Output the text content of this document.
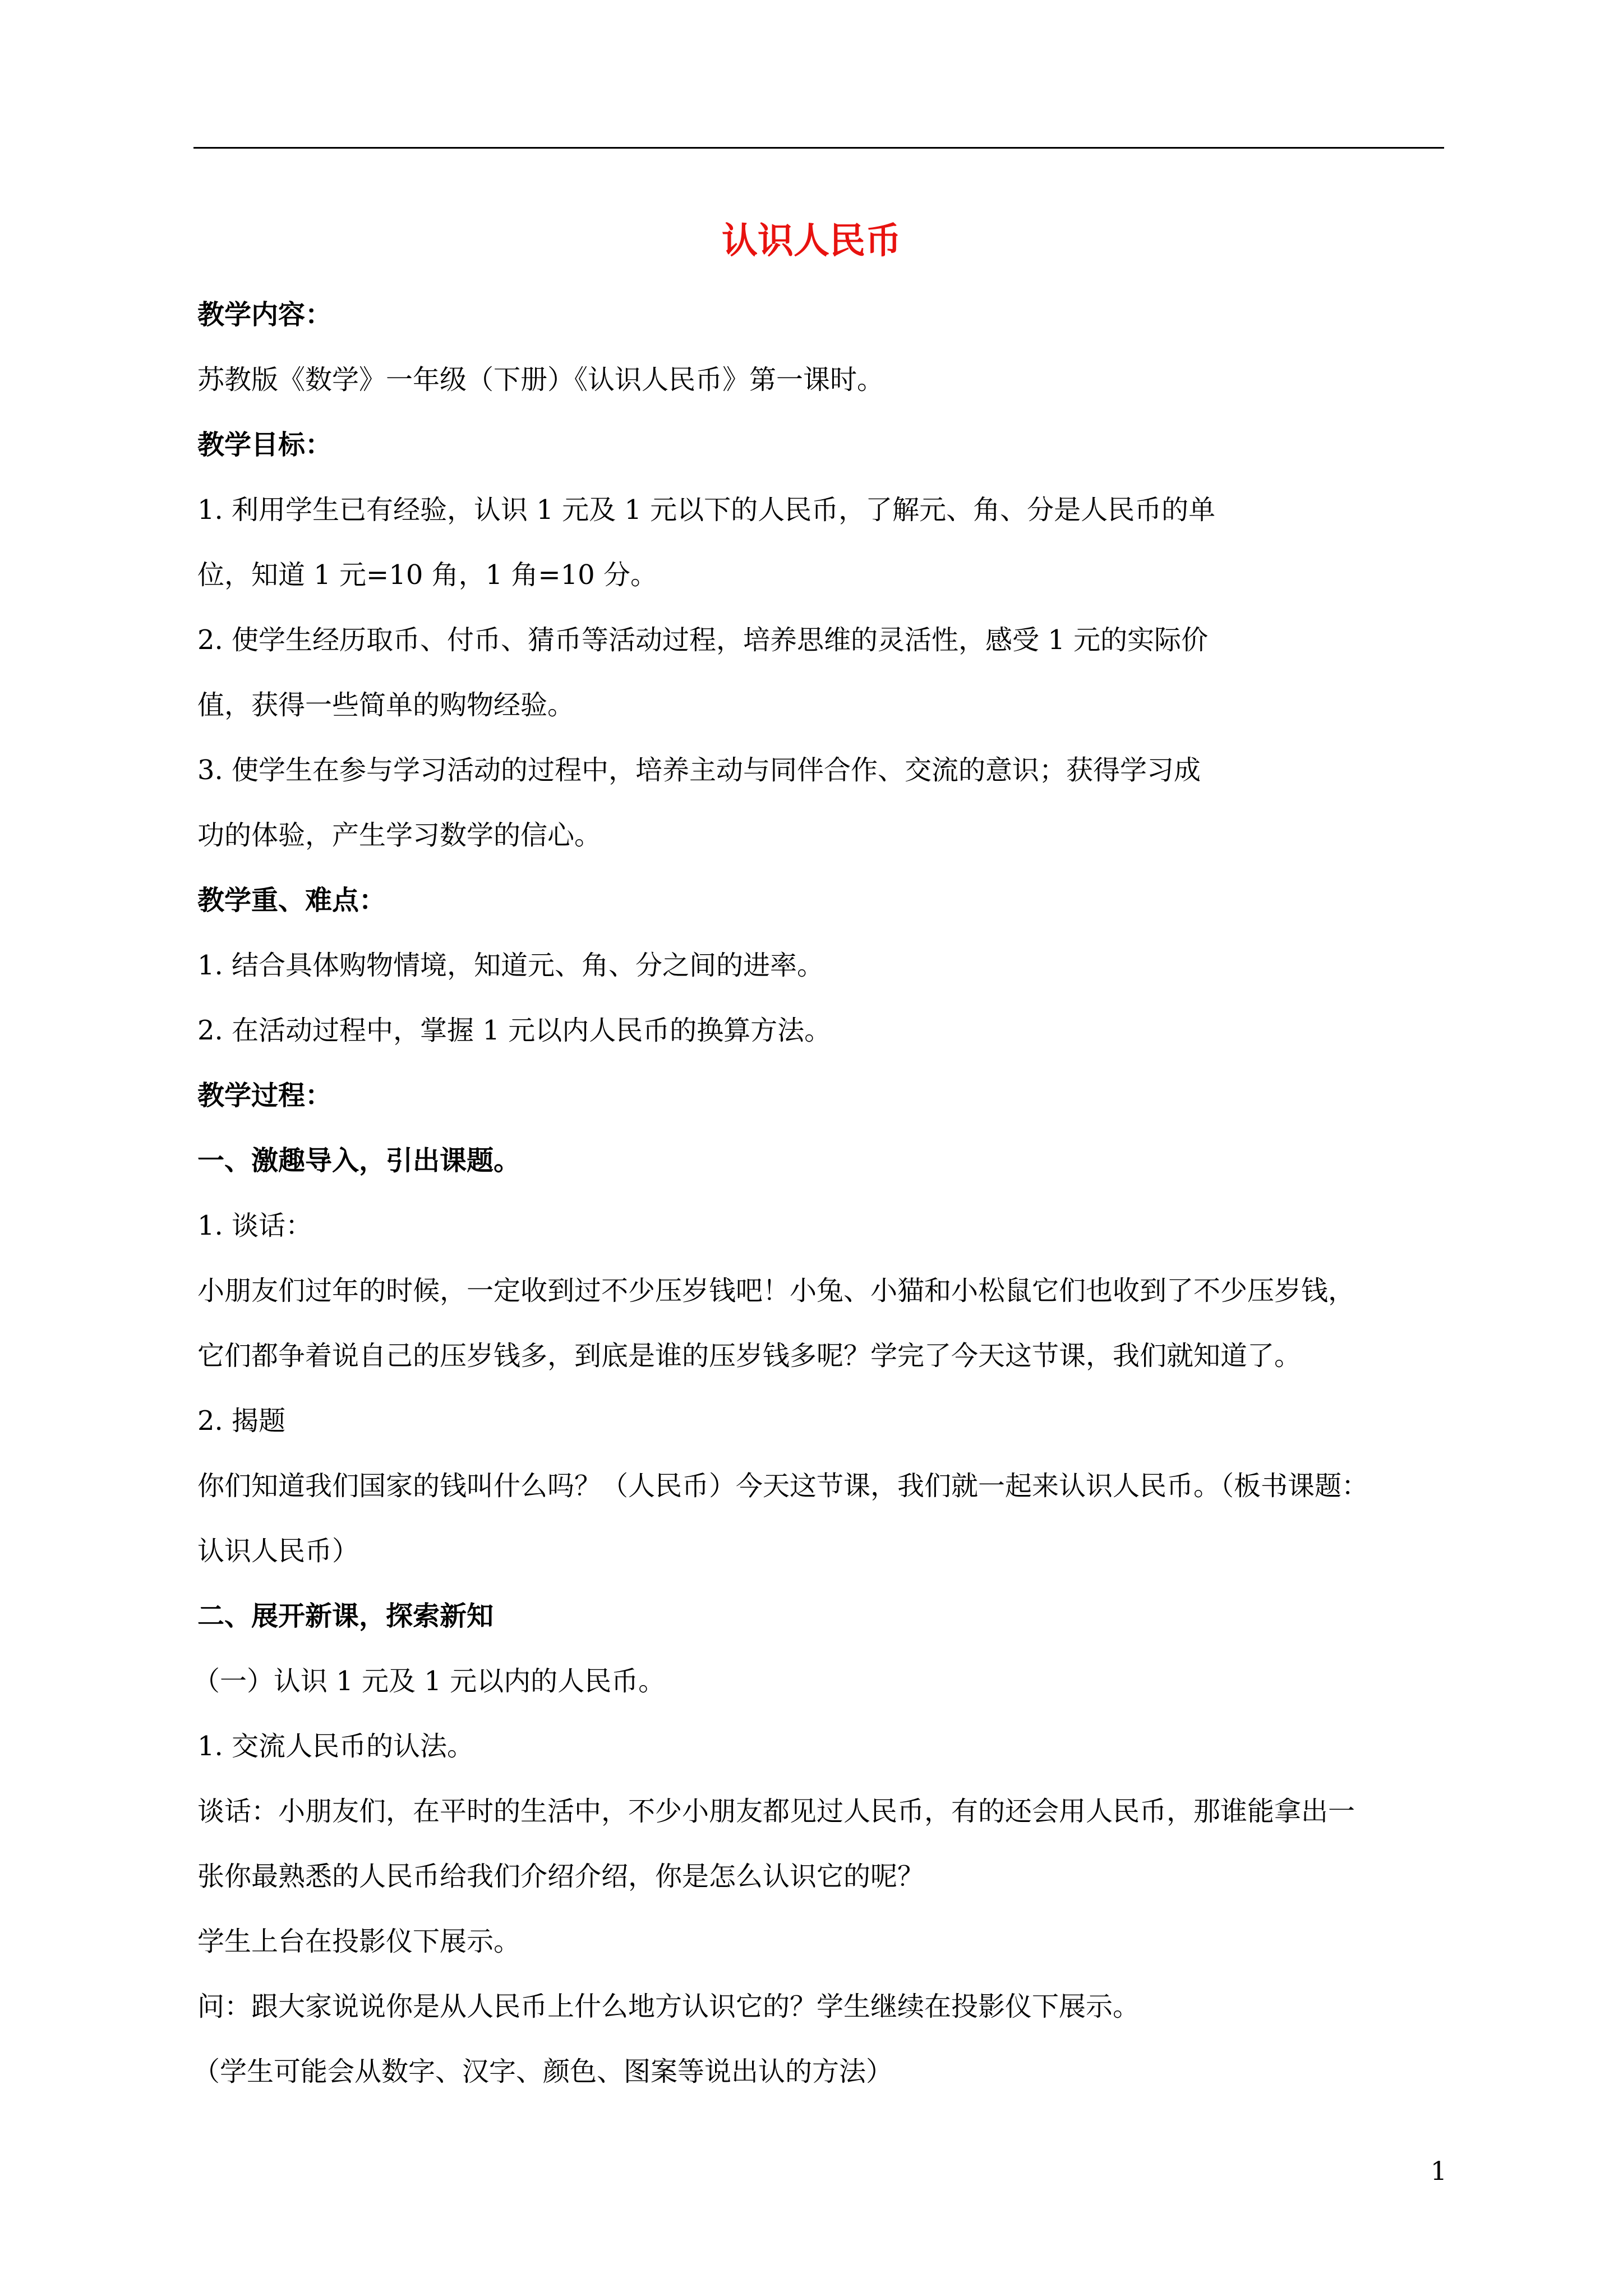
认识人民币

教学内容：

苏教版《数学》一年级（下册）《认识人民币》第一课时。

教学目标：

1. 利用学生已有经验，认识 1 元及 1 元以下的人民币，了解元、角、分是人民币的单

位，知道 1 元=10 角，1 角=10 分。

2. 使学生经历取币、付币、猜币等活动过程，培养思维的灵活性，感受 1 元的实际价

值，获得一些简单的购物经验。

3. 使学生在参与学习活动的过程中，培养主动与同伴合作、交流的意识；获得学习成

功的体验，产生学习数学的信心。

教学重、难点：

1. 结合具体购物情境，知道元、角、分之间的进率。

2. 在活动过程中，掌握 1 元以内人民币的换算方法。

教学过程：

一、激趣导入，引出课题。

1. 谈话：

小朋友们过年的时候，一定收到过不少压岁钱吧！小兔、小猫和小松鼠它们也收到了不少压岁钱，

它们都争着说自己的压岁钱多，到底是谁的压岁钱多呢？学完了今天这节课，我们就知道了。

2. 揭题

你们知道我们国家的钱叫什么吗？（人民币）今天这节课，我们就一起来认识人民币。（板书课题：

认识人民币）

二、展开新课，探索新知

（一）认识 1 元及 1 元以内的人民币。

1. 交流人民币的认法。

谈话：小朋友们，在平时的生活中，不少小朋友都见过人民币，有的还会用人民币，那谁能拿出一

张你最熟悉的人民币给我们介绍介绍，你是怎么认识它的呢？

学生上台在投影仪下展示。

问：跟大家说说你是从人民币上什么地方认识它的？学生继续在投影仪下展示。

（学生可能会从数字、汉字、颜色、图案等说出认的方法）

1
